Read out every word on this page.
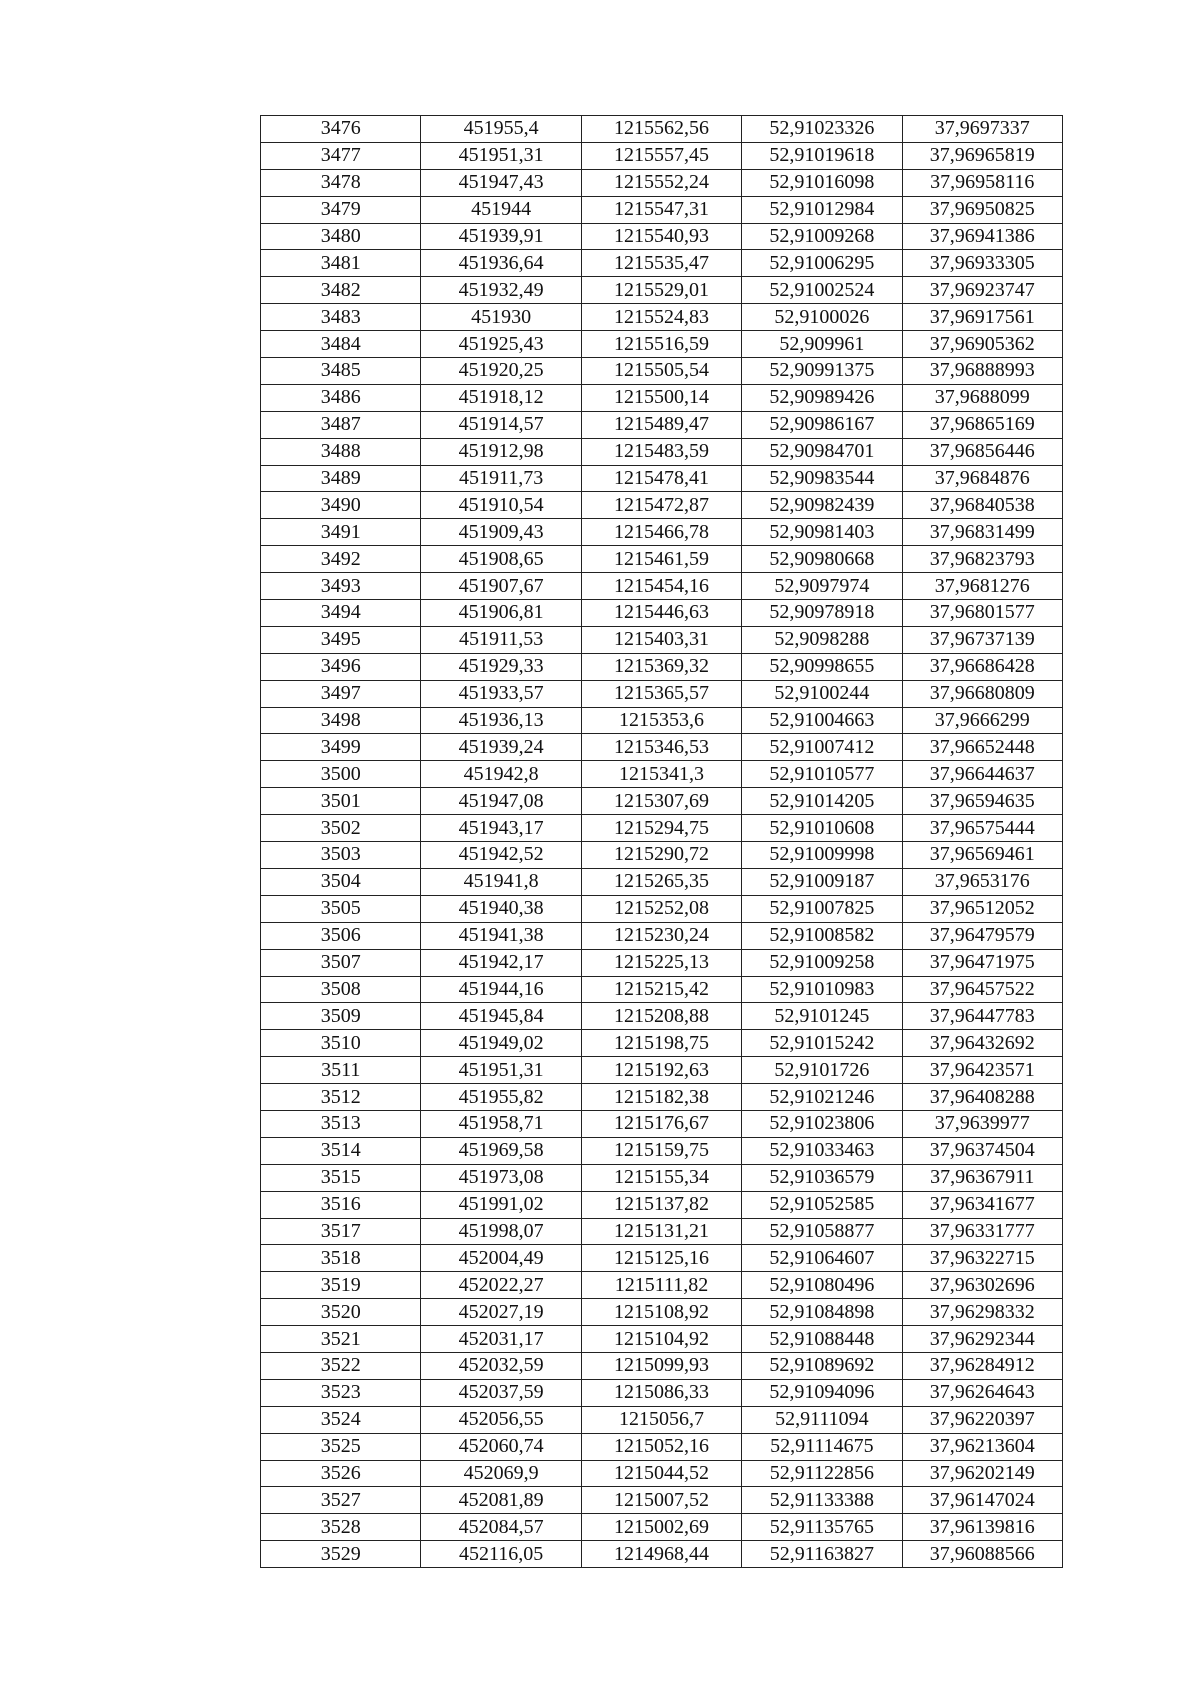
3476	451955,4	1215562,56	52,91023326	37,9697337
3477	451951,31	1215557,45	52,91019618	37,96965819
3478	451947,43	1215552,24	52,91016098	37,96958116
3479	451944	1215547,31	52,91012984	37,96950825
3480	451939,91	1215540,93	52,91009268	37,96941386
3481	451936,64	1215535,47	52,91006295	37,96933305
3482	451932,49	1215529,01	52,91002524	37,96923747
3483	451930	1215524,83	52,9100026	37,96917561
3484	451925,43	1215516,59	52,909961	37,96905362
3485	451920,25	1215505,54	52,90991375	37,96888993
3486	451918,12	1215500,14	52,90989426	37,9688099
3487	451914,57	1215489,47	52,90986167	37,96865169
3488	451912,98	1215483,59	52,90984701	37,96856446
3489	451911,73	1215478,41	52,90983544	37,9684876
3490	451910,54	1215472,87	52,90982439	37,96840538
3491	451909,43	1215466,78	52,90981403	37,96831499
3492	451908,65	1215461,59	52,90980668	37,96823793
3493	451907,67	1215454,16	52,9097974	37,9681276
3494	451906,81	1215446,63	52,90978918	37,96801577
3495	451911,53	1215403,31	52,9098288	37,96737139
3496	451929,33	1215369,32	52,90998655	37,96686428
3497	451933,57	1215365,57	52,9100244	37,96680809
3498	451936,13	1215353,6	52,91004663	37,9666299
3499	451939,24	1215346,53	52,91007412	37,96652448
3500	451942,8	1215341,3	52,91010577	37,96644637
3501	451947,08	1215307,69	52,91014205	37,96594635
3502	451943,17	1215294,75	52,91010608	37,96575444
3503	451942,52	1215290,72	52,91009998	37,96569461
3504	451941,8	1215265,35	52,91009187	37,9653176
3505	451940,38	1215252,08	52,91007825	37,96512052
3506	451941,38	1215230,24	52,91008582	37,96479579
3507	451942,17	1215225,13	52,91009258	37,96471975
3508	451944,16	1215215,42	52,91010983	37,96457522
3509	451945,84	1215208,88	52,9101245	37,96447783
3510	451949,02	1215198,75	52,91015242	37,96432692
3511	451951,31	1215192,63	52,9101726	37,96423571
3512	451955,82	1215182,38	52,91021246	37,96408288
3513	451958,71	1215176,67	52,91023806	37,9639977
3514	451969,58	1215159,75	52,91033463	37,96374504
3515	451973,08	1215155,34	52,91036579	37,96367911
3516	451991,02	1215137,82	52,91052585	37,96341677
3517	451998,07	1215131,21	52,91058877	37,96331777
3518	452004,49	1215125,16	52,91064607	37,96322715
3519	452022,27	1215111,82	52,91080496	37,96302696
3520	452027,19	1215108,92	52,91084898	37,96298332
3521	452031,17	1215104,92	52,91088448	37,96292344
3522	452032,59	1215099,93	52,91089692	37,96284912
3523	452037,59	1215086,33	52,91094096	37,96264643
3524	452056,55	1215056,7	52,9111094	37,96220397
3525	452060,74	1215052,16	52,91114675	37,96213604
3526	452069,9	1215044,52	52,91122856	37,96202149
3527	452081,89	1215007,52	52,91133388	37,96147024
3528	452084,57	1215002,69	52,91135765	37,96139816
3529	452116,05	1214968,44	52,91163827	37,96088566
